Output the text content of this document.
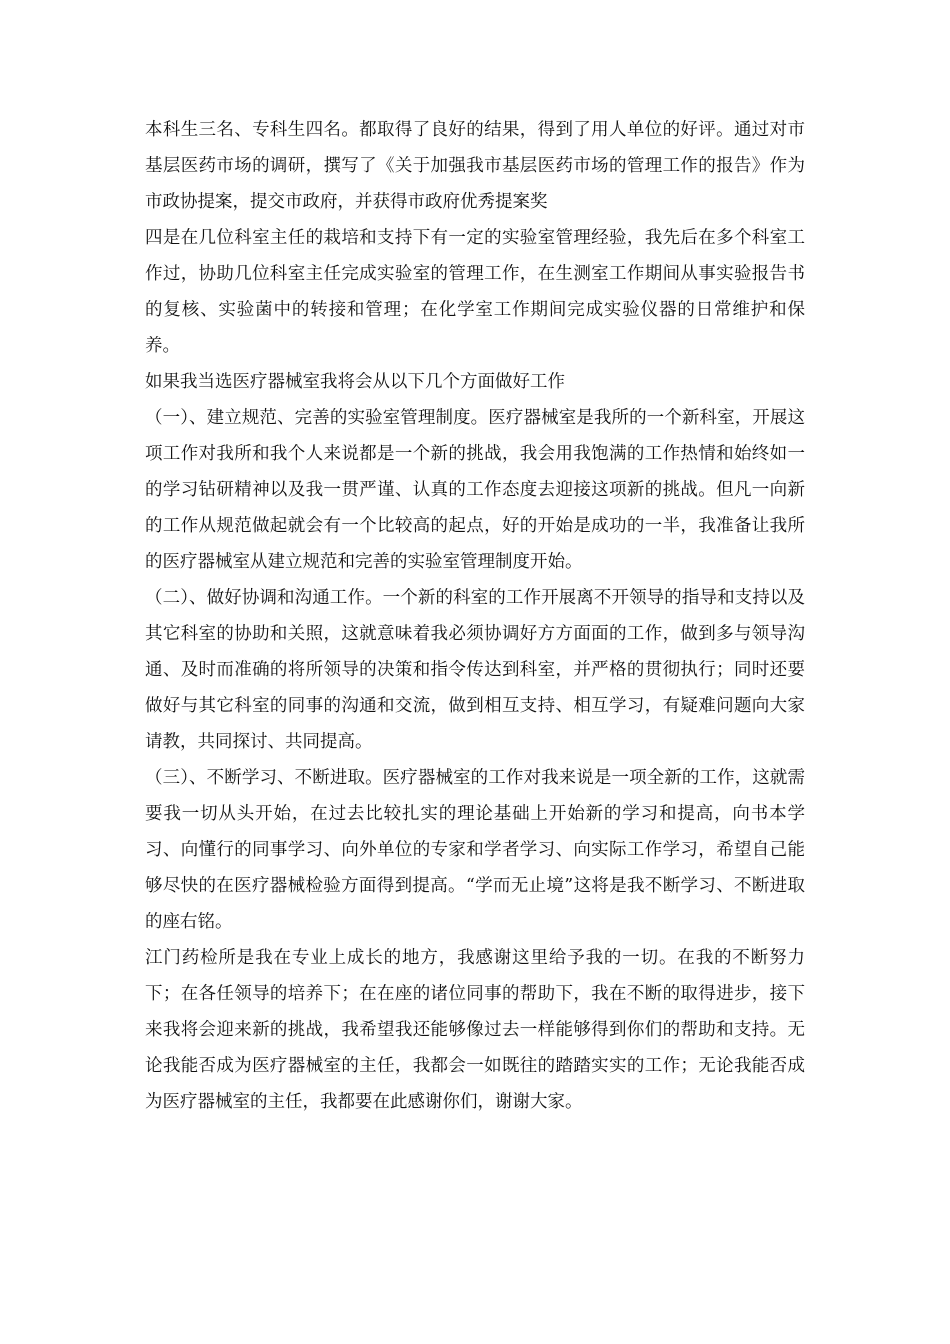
本科生三名、专科生四名。都取得了良好的结果，得到了用人单位的好评。通过对市基层医药市场的调研，撰写了《关于加强我市基层医药市场的管理工作的报告》作为市政协提案，提交市政府，并获得市政府优秀提案奖

四是在几位科室主任的栽培和支持下有一定的实验室管理经验，我先后在多个科室工作过，协助几位科室主任完成实验室的管理工作，在生测室工作期间从事实验报告书的复核、实验菌中的转接和管理；在化学室工作期间完成实验仪器的日常维护和保养。

如果我当选医疗器械室我将会从以下几个方面做好工作

（一）、建立规范、完善的实验室管理制度。医疗器械室是我所的一个新科室，开展这项工作对我所和我个人来说都是一个新的挑战，我会用我饱满的工作热情和始终如一的学习钻研精神以及我一贯严谨、认真的工作态度去迎接这项新的挑战。但凡一向新的工作从规范做起就会有一个比较高的起点，好的开始是成功的一半，我准备让我所的医疗器械室从建立规范和完善的实验室管理制度开始。

（二）、做好协调和沟通工作。一个新的科室的工作开展离不开领导的指导和支持以及其它科室的协助和关照，这就意味着我必须协调好方方面面的工作，做到多与领导沟通、及时而准确的将所领导的决策和指令传达到科室，并严格的贯彻执行；同时还要做好与其它科室的同事的沟通和交流，做到相互支持、相互学习，有疑难问题向大家请教，共同探讨、共同提高。

（三）、不断学习、不断进取。医疗器械室的工作对我来说是一项全新的工作，这就需要我一切从头开始，在过去比较扎实的理论基础上开始新的学习和提高，向书本学习、向懂行的同事学习、向外单位的专家和学者学习、向实际工作学习，希望自己能够尽快的在医疗器械检验方面得到提高。“学而无止境”这将是我不断学习、不断进取的座右铭。

江门药检所是我在专业上成长的地方，我感谢这里给予我的一切。在我的不断努力下；在各任领导的培养下；在在座的诸位同事的帮助下，我在不断的取得进步，接下来我将会迎来新的挑战，我希望我还能够像过去一样能够得到你们的帮助和支持。无论我能否成为医疗器械室的主任，我都会一如既往的踏踏实实的工作；无论我能否成为医疗器械室的主任，我都要在此感谢你们，谢谢大家。
